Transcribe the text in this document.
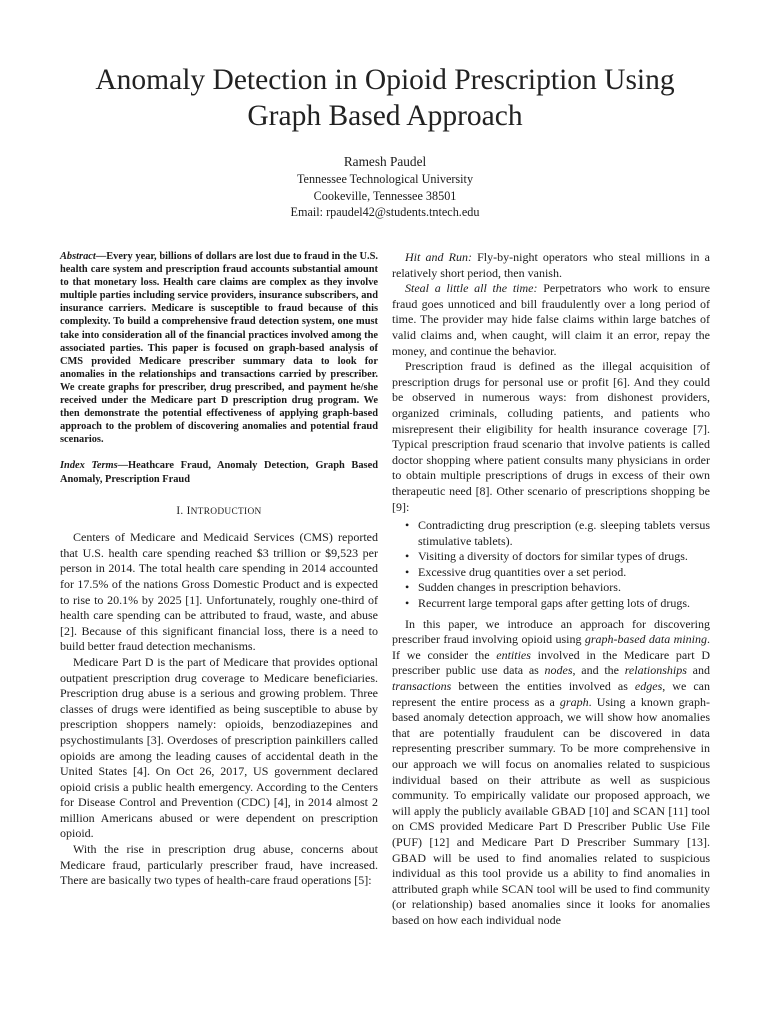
Anomaly Detection in Opioid Prescription Using
Graph Based Approach
Ramesh Paudel
Tennessee Technological University
Cookeville, Tennessee 38501
Email: rpaudel42@students.tntech.edu
Abstract—Every year, billions of dollars are lost due to fraud in the U.S. health care system and prescription fraud accounts substantial amount to that monetary loss. Health care claims are complex as they involve multiple parties including service providers, insurance subscribers, and insurance carriers. Medicare is susceptible to fraud because of this complexity. To build a comprehensive fraud detection system, one must take into consideration all of the financial practices involved among the associated parties. This paper is focused on graph-based analysis of CMS provided Medicare prescriber summary data to look for anomalies in the relationships and transactions carried by prescriber. We create graphs for prescriber, drug prescribed, and payment he/she received under the Medicare part D prescription drug program. We then demonstrate the potential effectiveness of applying graph-based approach to the problem of discovering anomalies and potential fraud scenarios.
Index Terms—Heathcare Fraud, Anomaly Detection, Graph Based Anomaly, Prescription Fraud
I. INTRODUCTION

Centers of Medicare and Medicaid Services (CMS) reported that U.S. health care spending reached $3 trillion or $9,523 per person in 2014. The total health care spending in 2014 accounted for 17.5% of the nations Gross Domestic Product and is expected to rise to 20.1% by 2025 [1]. Unfortunately, roughly one-third of health care spending can be attributed to fraud, waste, and abuse [2]. Because of this significant financial loss, there is a need to build better fraud detection mechanisms.

Medicare Part D is the part of Medicare that provides optional outpatient prescription drug coverage to Medicare beneficiaries. Prescription drug abuse is a serious and growing problem. Three classes of drugs were identified as being susceptible to abuse by prescription shoppers namely: opioids, benzodiazepines and psychostimulants [3]. Overdoses of prescription painkillers called opioids are among the leading causes of accidental death in the United States [4]. On Oct 26, 2017, US government declared opioid crisis a public health emergency. According to the Centers for Disease Control and Prevention (CDC) [4], in 2014 almost 2 million Americans abused or were dependent on prescription opioid.

With the rise in prescription drug abuse, concerns about Medicare fraud, particularly prescriber fraud, have increased. There are basically two types of health-care fraud operations [5]:

Hit and Run: Fly-by-night operators who steal millions in a relatively short period, then vanish.

Steal a little all the time: Perpetrators who work to ensure fraud goes unnoticed and bill fraudulently over a long period of time. The provider may hide false claims within large batches of valid claims and, when caught, will claim it an error, repay the money, and continue the behavior.

Prescription fraud is defined as the illegal acquisition of prescription drugs for personal use or profit [6]. And they could be observed in numerous ways: from dishonest providers, organized criminals, colluding patients, and patients who misrepresent their eligibility for health insurance coverage [7]. Typical prescription fraud scenario that involve patients is called doctor shopping where patient consults many physicians in order to obtain multiple prescriptions of drugs in excess of their own therapeutic need [8]. Other scenario of prescriptions shopping be [9]:

• Contradicting drug prescription (e.g. sleeping tablets versus stimulative tablets).
• Visiting a diversity of doctors for similar types of drugs.
• Excessive drug quantities over a set period.
• Sudden changes in prescription behaviors.
• Recurrent large temporal gaps after getting lots of drugs.

In this paper, we introduce an approach for discovering prescriber fraud involving opioid using graph-based data mining. If we consider the entities involved in the Medicare part D prescriber public use data as nodes, and the relationships and transactions between the entities involved as edges, we can represent the entire process as a graph. Using a known graph-based anomaly detection approach, we will show how anomalies that are potentially fraudulent can be discovered in data representing prescriber summary. To be more comprehensive in our approach we will focus on anomalies related to suspicious individual based on their attribute as well as suspicious community. To empirically validate our proposed approach, we will apply the publicly available GBAD [10] and SCAN [11] tool on CMS provided Medicare Part D Prescriber Public Use File (PUF) [12] and Medicare Part D Prescriber Summary [13]. GBAD will be used to find anomalies related to suspicious individual as this tool provide us a ability to find anomalies in attributed graph while SCAN tool will be used to find community (or relationship) based anomalies since it looks for anomalies based on how each individual node
